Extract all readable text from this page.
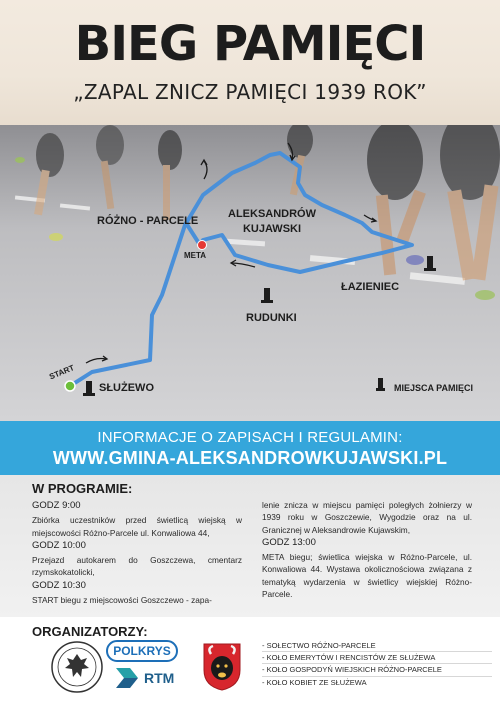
BIEG PAMIĘCI
„ZAPAL ZNICZ PAMIĘCI 1939 ROK”
RÓŻNO - PARCELE
ALEKSANDRÓW
KUJAWSKI
META
ŁAZIENIEC
RUDUNKI
START
SŁUŻEWO	MIEJSCA PAMIĘCI
INFORMACJE O ZAPISACH I REGULAMIN:
WWW.GMINA-ALEKSANDROWKUJAWSKI.PL
W PROGRAMIE:
GODZ 9:00
Zbiórka uczestników przed świetlicą wiejską w miejscowości Różno-Parcele ul. Konwaliowa 44,
GODZ 10:00
Przejazd autokarem do Goszczewa, cmentarz rzymskokatolicki,
GODZ 10:30
START biegu z miejscowości Goszczewo - zapa-
lenie znicza w miejscu pamięci poległych żołnierzy w 1939 roku w Goszczewie, Wygodzie oraz na ul. Granicznej w Aleksandrowie Kujawskim,
GODZ 13:00
META biegu; świetlica wiejska w Różno-Parcele, ul. Konwaliowa 44. Wystawa okolicznościowa związana z tematyką wydarzenia w świetlicy wiejskiej Różno-Parcele.
ORGANIZATORZY:
POLKRYS
RTM
- SOŁECTWO RÓŻNO-PARCELE
- KOŁO EMERYTÓW I RENCISTÓW ZE SŁUŻEWA
- KOŁO GOSPODYŃ WIEJSKICH RÓŻNO-PARCELE
- KOŁO KOBIET ZE SŁUŻEWA
